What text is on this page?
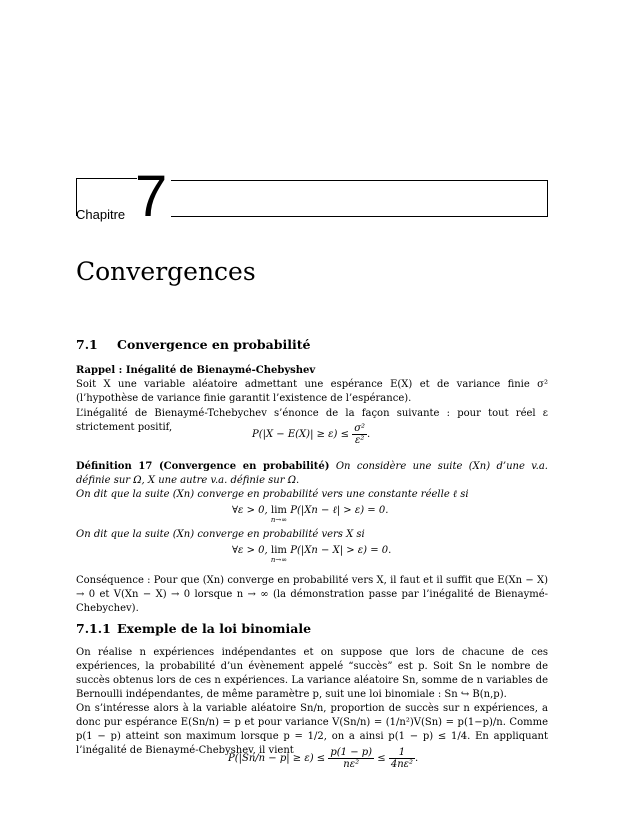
Chapitre 7
Convergences
7.1 Convergence en probabilité
Rappel : Inégalité de Bienaymé-Chebyshev
Soit X une variable aléatoire admettant une espérance E(X) et de variance finie σ² (l’hypothèse de variance finie garantit l’existence de l’espérance).
L’inégalité de Bienaymé-Tchebychev s’énonce de la façon suivante : pour tout réel ε strictement positif,
$P(|X - E(X)| \ge \varepsilon) \le \frac{\text{σ²}}{\text{ε²}}$ .
Définition 17 (Convergence en probabilité) On considère une suite (Xn) d’une v.a. définie sur Ω, X une autre v.a. définie sur Ω.
On dit que la suite (Xn) converge en probabilité vers une constante réelle ℓ si
∀ε > 0, lim
n→∞
P(|Xn − ℓ| > ε) = 0.
On dit que la suite (Xn) converge en probabilité vers X si
∀ε > 0, lim
n→∞
P(|Xn − X| > ε) = 0.
Conséquence : Pour que (Xn) converge en probabilité vers X, il faut et il suffit que E(Xn − X) → 0 et V(Xn − X) → 0 lorsque n → ∞ (la démonstration passe par l’inégalité de Bienaymé-Chebychev).
7.1.1 Exemple de la loi binomiale
On réalise n expériences indépendantes et on suppose que lors de chacune de ces expériences, la probabilité d’un évènement appelé “succès” est p. Soit Sn le nombre de succès obtenus lors de ces n expériences. La variance aléatoire Sn, somme de n variables de Bernoulli indépendantes, de même paramètre p, suit une loi binomiale : Sn ↪ B(n,p).
On s’intéresse alors à la variable aléatoire Sn/n, proportion de succès sur n expériences, a donc pur espérance E(Sn/n) = p et pour variance V(Sn/n) = (1/n²)V(Sn) = p(1−p)/n. Comme p(1 − p) atteint son maximum lorsque p = 1/2, on a ainsi p(1 − p) ≤ 1/4. En appliquant l’inégalité de Bienaymé-Chebyshev, il vient
$P(|Sn/n - p| \ge \varepsilon) \le \frac{p(1 - p)}{\text{nε²}} \le \frac{1}{\text{4nε²}}$ .
